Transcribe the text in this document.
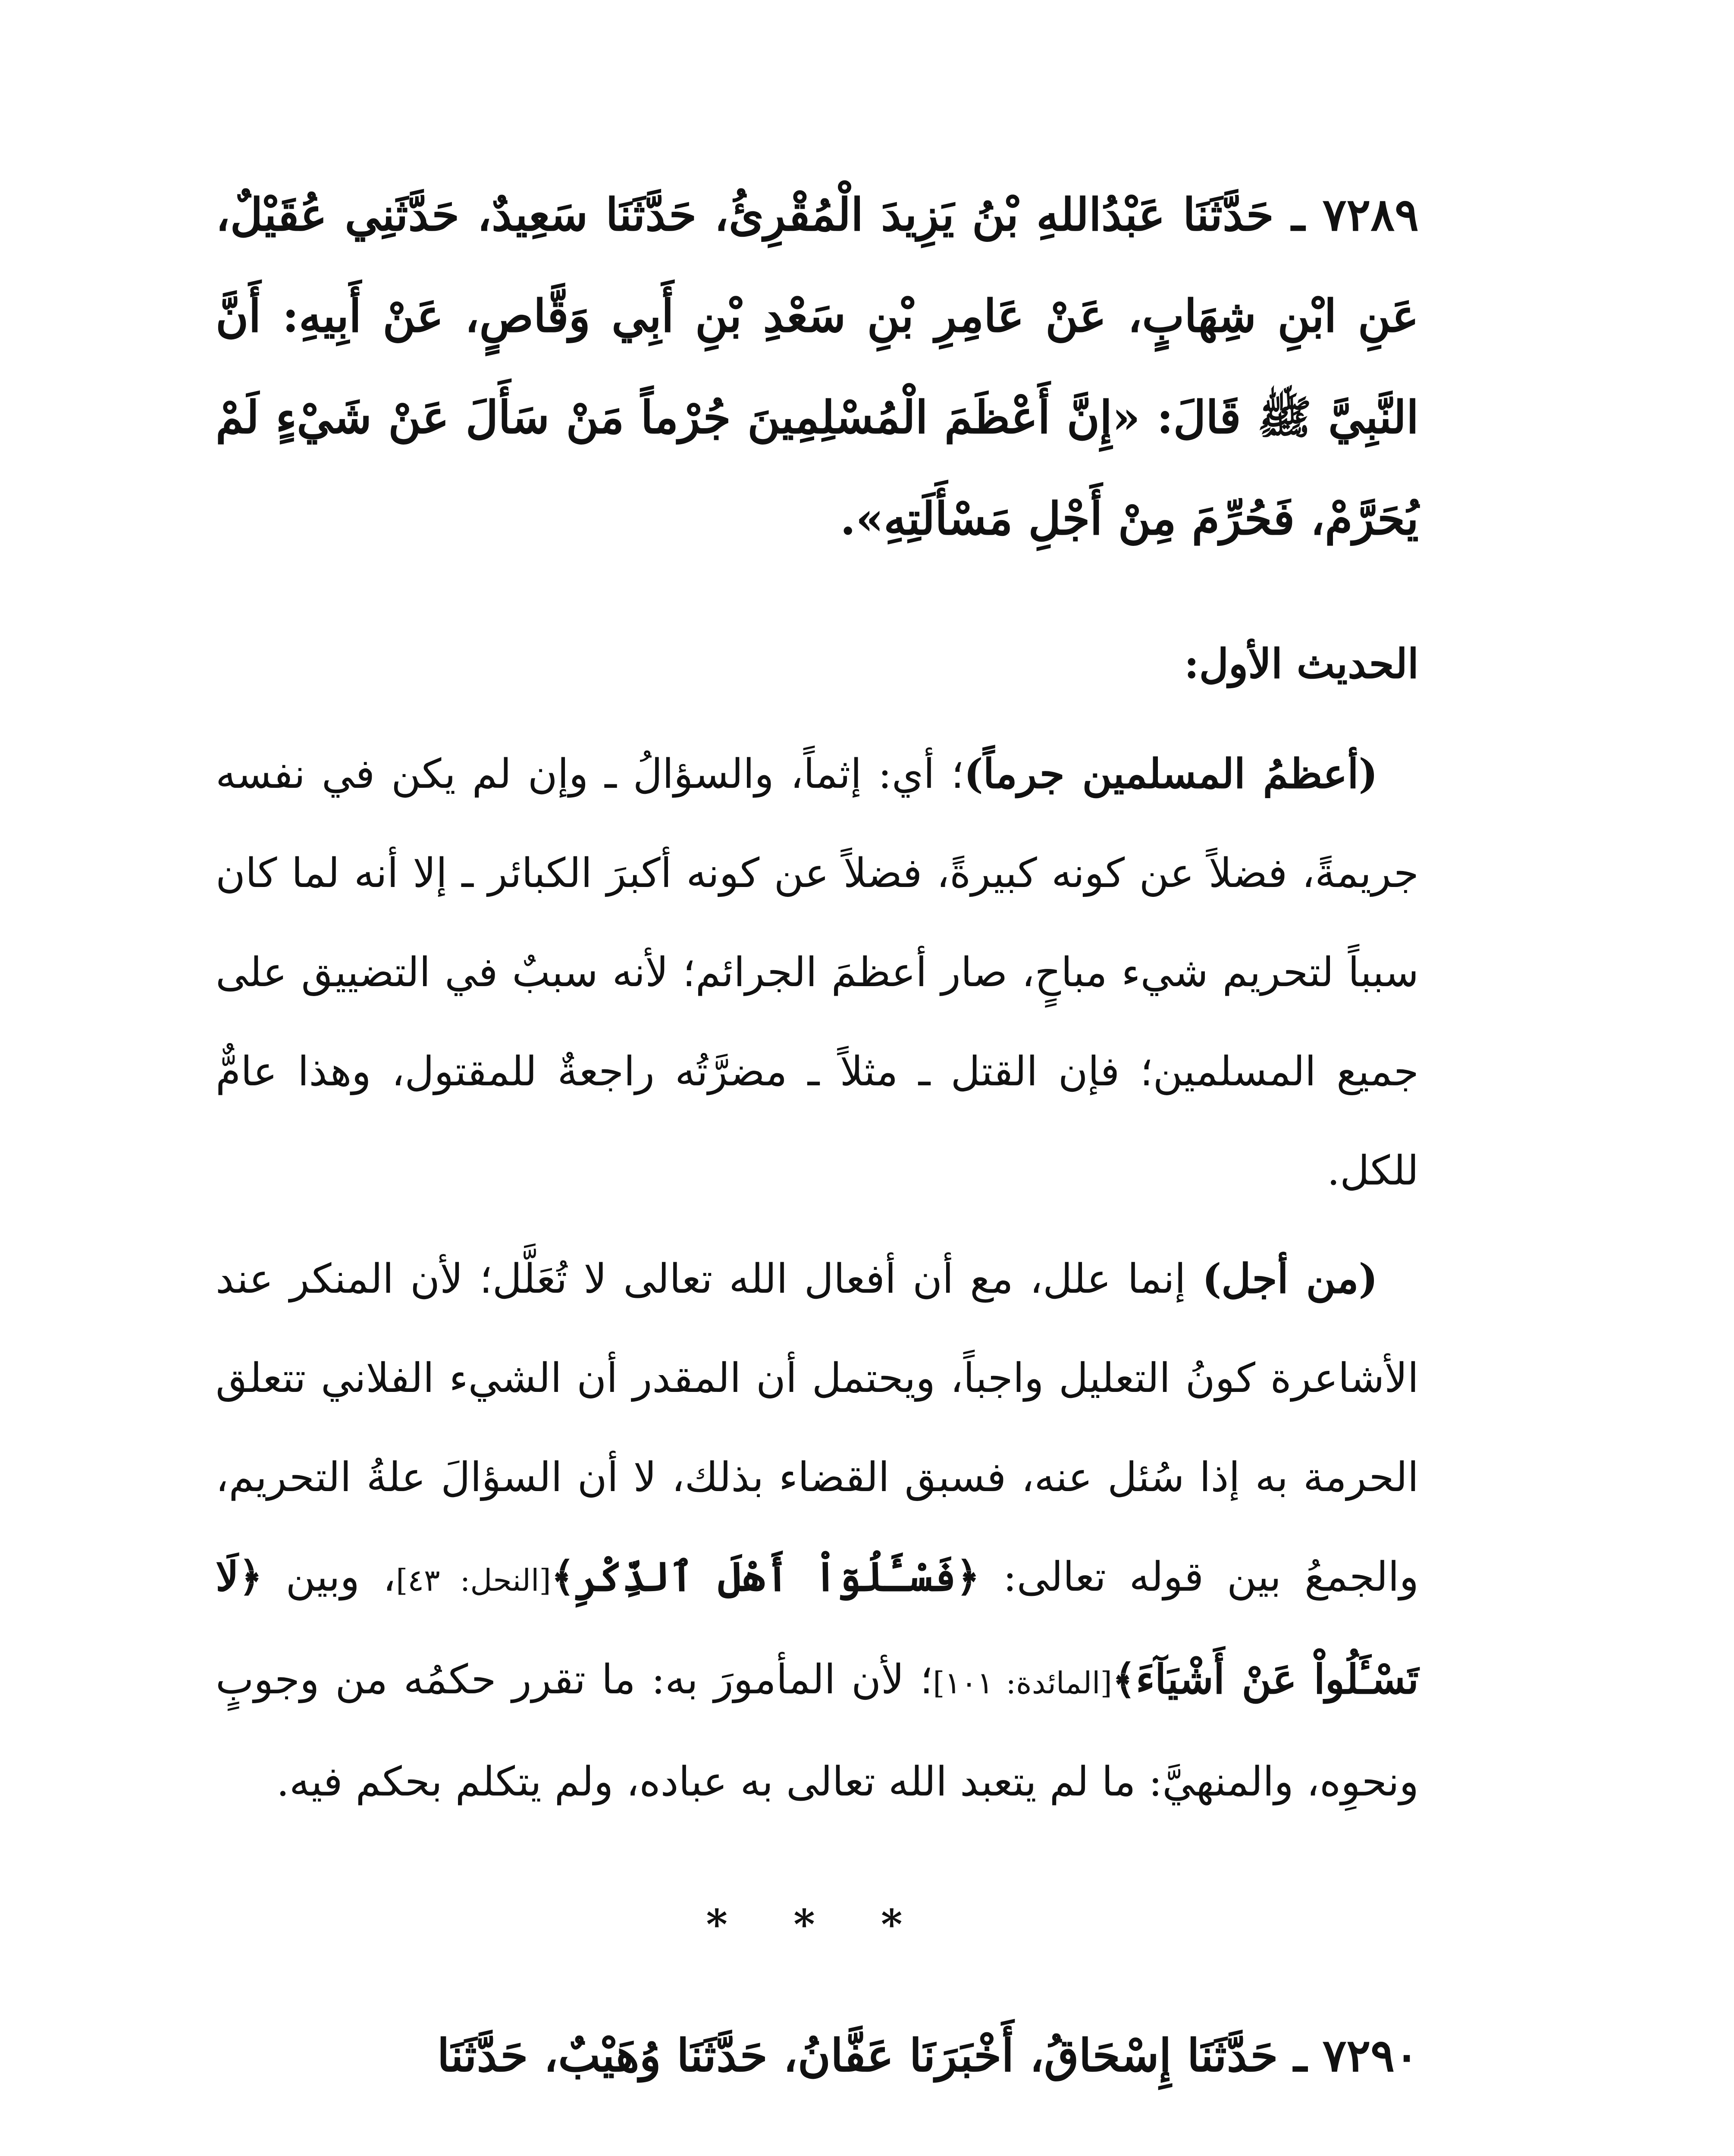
٧٢٨٩ ـ حَدَّثَنَا عَبْدُاللهِ بْنُ يَزِيدَ الْمُقْرِئُ، حَدَّثَنَا سَعِيدٌ، حَدَّثَنِي عُقَيْلٌ، عَنِ ابْنِ شِهَابٍ، عَنْ عَامِرِ بْنِ سَعْدِ بْنِ أَبِي وَقَّاصٍ، عَنْ أَبِيهِ: أَنَّ النَّبِيَّ ﷺ قَالَ: «إِنَّ أَعْظَمَ الْمُسْلِمِينَ جُرْماً مَنْ سَأَلَ عَنْ شَيْءٍ لَمْ يُحَرَّمْ، فَحُرِّمَ مِنْ أَجْلِ مَسْأَلَتِهِ».

الحديث الأول:

(أعظمُ المسلمين جرماً)؛ أي: إثماً، والسؤالُ ـ وإن لم يكن في نفسه جريمةً، فضلاً عن كونه كبيرةً، فضلاً عن كونه أكبرَ الكبائر ـ إلا أنه لما كان سبباً لتحريم شيء مباحٍ، صار أعظمَ الجرائم؛ لأنه سببٌ في التضييق على جميع المسلمين؛ فإن القتل ـ مثلاً ـ مضرَّتُه راجعةٌ للمقتول، وهذا عامٌّ للكل.

(من أجل) إنما علل، مع أن أفعال الله تعالى لا تُعَلَّل؛ لأن المنكر عند الأشاعرة كونُ التعليل واجباً، ويحتمل أن المقدر أن الشيء الفلاني تتعلق الحرمة به إذا سُئل عنه، فسبق القضاء بذلك، لا أن السؤالَ علةُ التحريم، والجمعُ بين قوله تعالى: ﴿فَسْـَٔلُوٓاْ أَهْلَ ٱلذِّكْرِ﴾[النحل: ٤٣]، وبين ﴿لَا تَسْـَٔلُواْ عَنْ أَشْيَآءَ﴾[المائدة: ١٠١]؛ لأن المأمورَ به: ما تقرر حكمُه من وجوبٍ ونحوِه، والمنهيَّ: ما لم يتعبد الله تعالى به عباده، ولم يتكلم بحكم فيه.

* * *

٧٢٩٠ ـ حَدَّثَنَا إِسْحَاقُ، أَخْبَرَنَا عَفَّانُ، حَدَّثَنَا وُهَيْبٌ، حَدَّثَنَا
